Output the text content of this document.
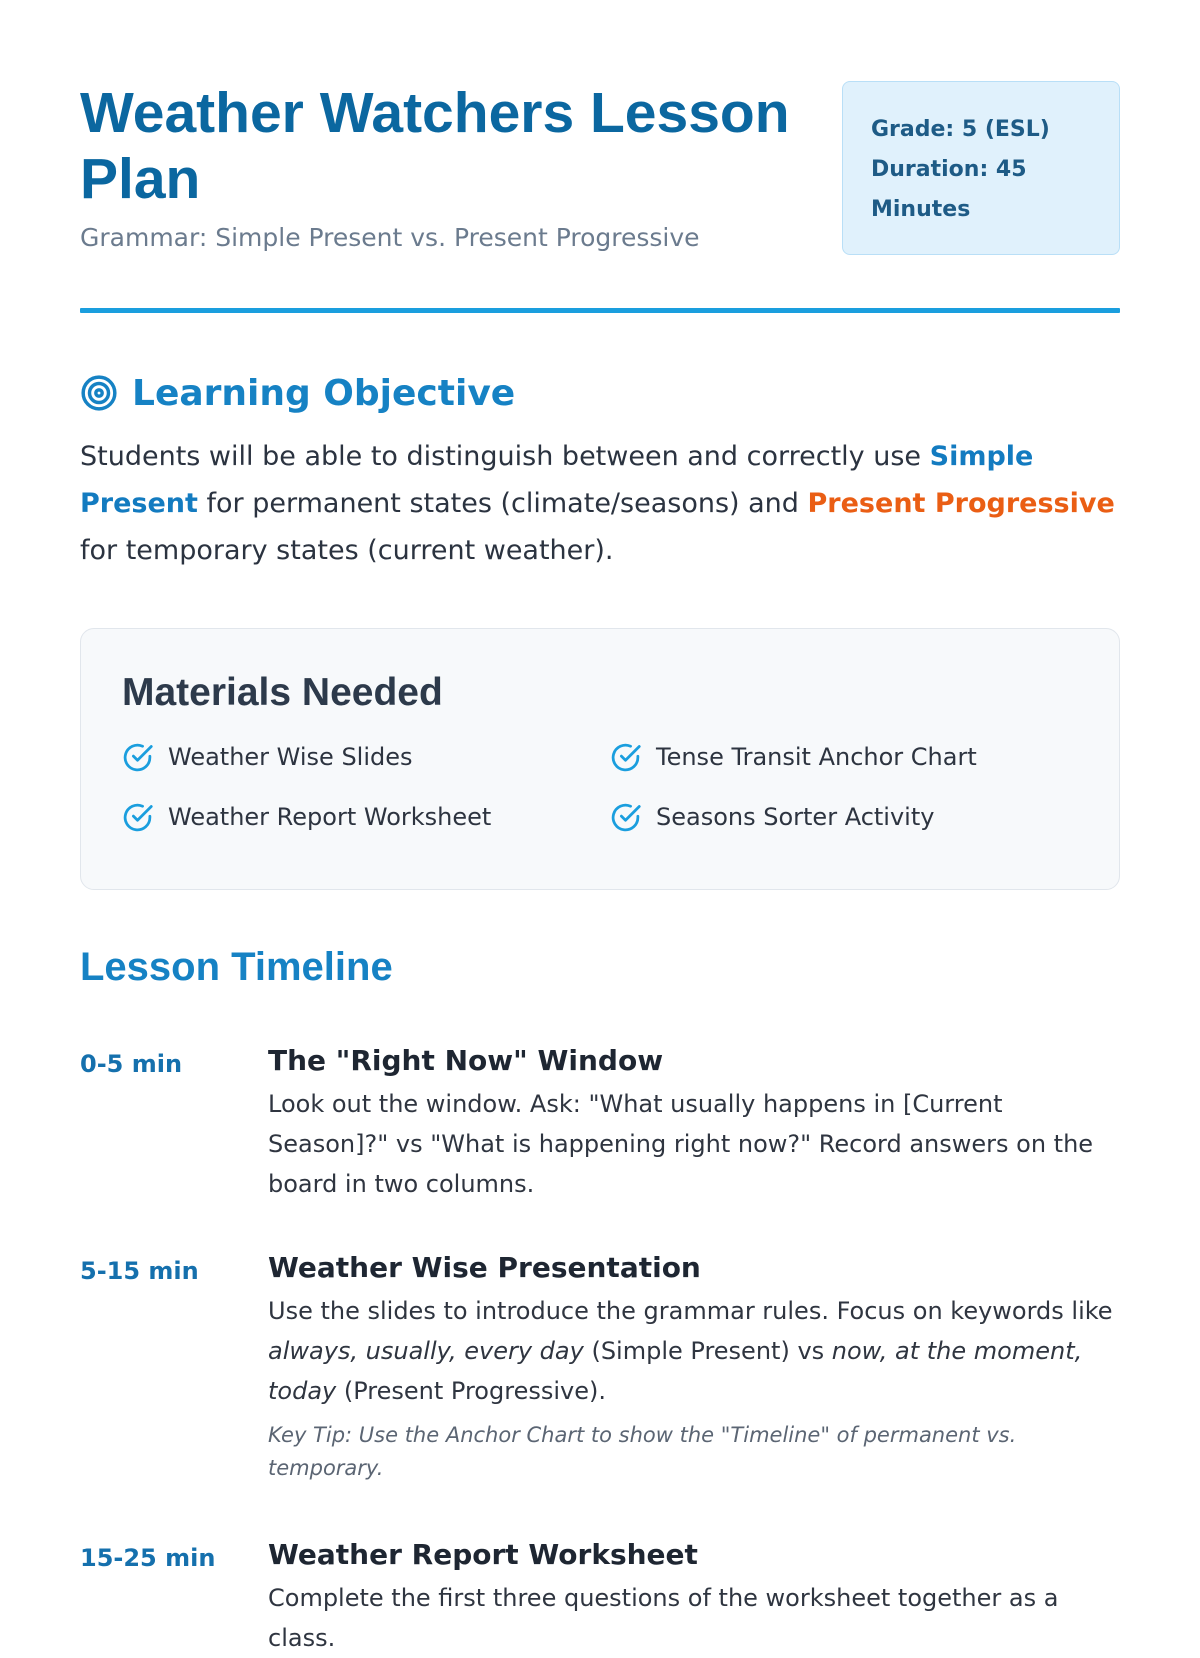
Weather Watchers Lesson Plan

Grammar: Simple Present vs. Present Progressive

Grade: 5 (ESL)
Duration: 45
Minutes
Learning Objective

Students will be able to distinguish between and correctly use Simple Present for permanent states (climate/seasons) and Present Progressive for temporary states (current weather).

Materials Needed
Weather Wise Slides	Tense Transit Anchor Chart
Weather Report Worksheet	Seasons Sorter Activity
Lesson Timeline
0-5 min	The "Right Now" Window

Look out the window. Ask: "What usually happens in [Current Season]?" vs "What is happening right now?" Record answers on the board in two columns.

5-15 min Weather Wise Presentation

Use the slides to introduce the grammar rules. Focus on keywords like always, usually, every day (Simple Present) vs now, at the moment, today (Present Progressive).

Key Tip: Use the Anchor Chart to show the "Timeline" of permanent vs. temporary.

15-25 min Weather Report Worksheet

Complete the first three questions of the worksheet together as a class.
